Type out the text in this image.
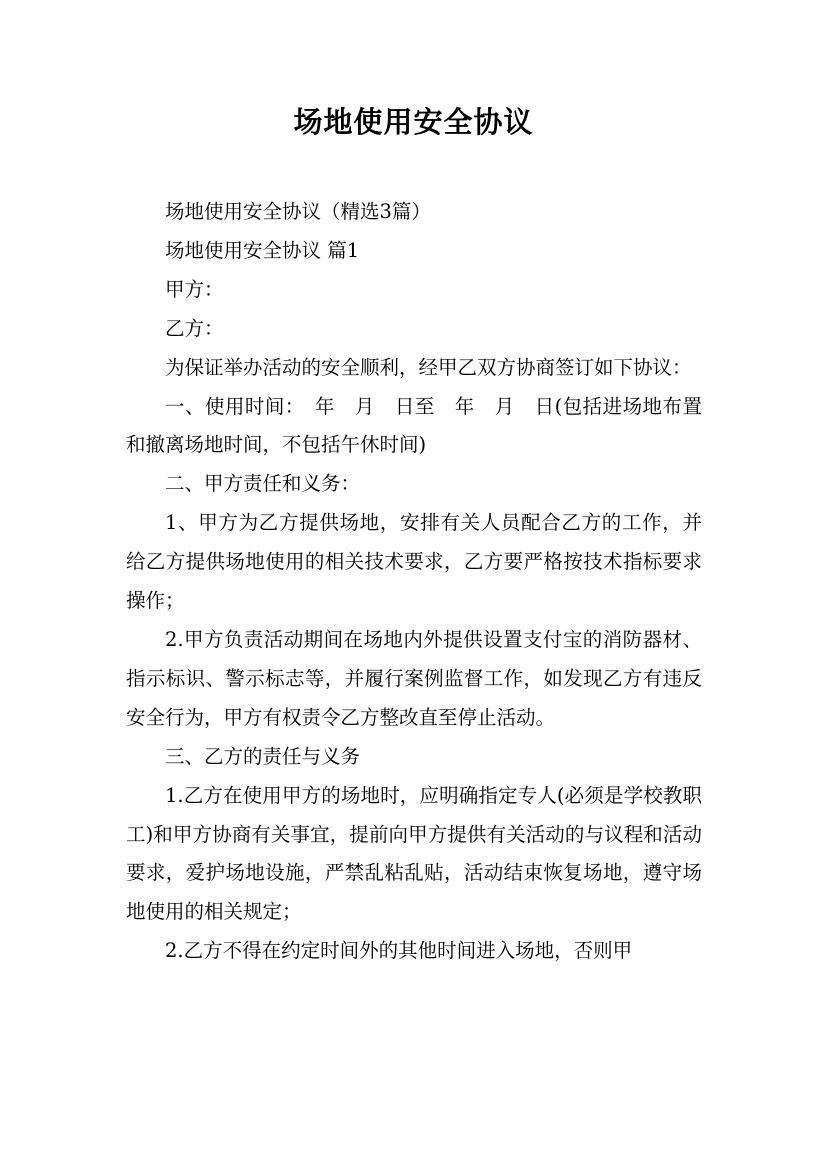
场地使用安全协议

场地使用安全协议（精选3篇）

场地使用安全协议 篇1

甲方：

乙方：

为保证举办活动的安全顺利，经甲乙双方协商签订如下协议：

一、使用时间：　年　月　日至　年　月　日(包括进场地布置和撤离场地时间，不包括午休时间)

二、甲方责任和义务：

1、甲方为乙方提供场地，安排有关人员配合乙方的工作，并给乙方提供场地使用的相关技术要求，乙方要严格按技术指标要求操作；

2.甲方负责活动期间在场地内外提供设置支付宝的消防器材、指示标识、警示标志等，并履行案例监督工作，如发现乙方有违反安全行为，甲方有权责令乙方整改直至停止活动。

三、乙方的责任与义务

1.乙方在使用甲方的场地时，应明确指定专人(必须是学校教职工)和甲方协商有关事宜，提前向甲方提供有关活动的与议程和活动要求，爱护场地设施，严禁乱粘乱贴，活动结束恢复场地，遵守场地使用的相关规定；

2.乙方不得在约定时间外的其他时间进入场地，否则甲
